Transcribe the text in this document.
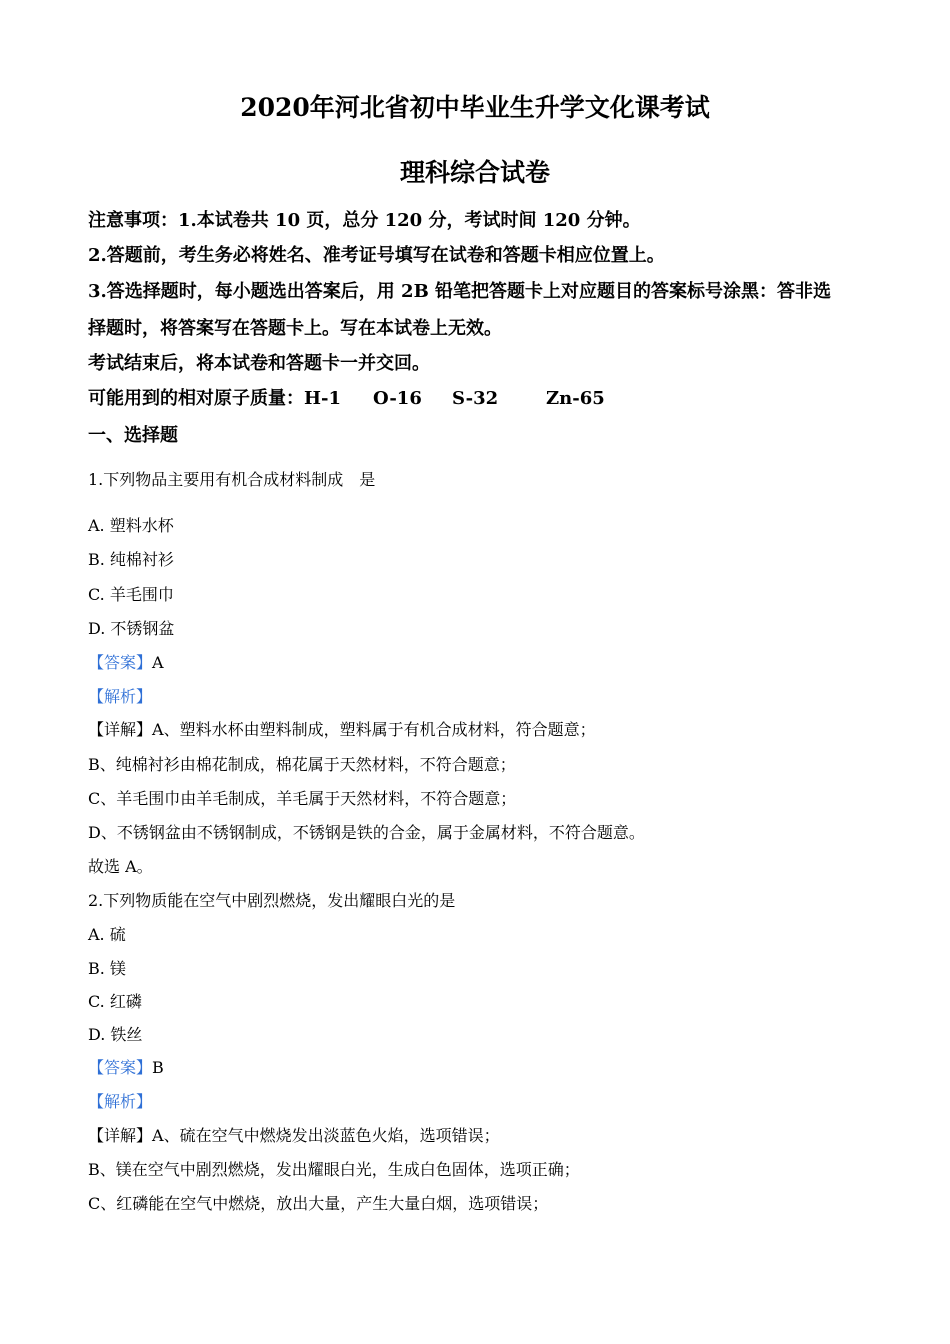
2020年河北省初中毕业生升学文化课考试
理科综合试卷
注意事项：1.本试卷共 10 页，总分 120 分，考试时间 120 分钟。
2.答题前，考生务必将姓名、准考证号填写在试卷和答题卡相应位置上。
3.答选择题时，每小题选出答案后，用 2B 铅笔把答题卡上对应题目的答案标号涂黑：答非选
择题时，将答案写在答题卡上。写在本试卷上无效。
考试结束后，将本试卷和答题卡一并交回。
可能用到的相对原子质量：H-1 O-16 S-32	Zn-65
一、选择题
1.下列物品主要用有机合成材料制成　是
A. 塑料水杯
B. 纯棉衬衫
C. 羊毛围巾
D. 不锈钢盆
【答案】A
【解析】
【详解】A、塑料水杯由塑料制成，塑料属于有机合成材料，符合题意；
B、纯棉衬衫由棉花制成，棉花属于天然材料，不符合题意；
C、羊毛围巾由羊毛制成，羊毛属于天然材料，不符合题意；
D、不锈钢盆由不锈钢制成，不锈钢是铁的合金，属于金属材料，不符合题意。
故选 A。
2.下列物质能在空气中剧烈燃烧，发出耀眼白光的是
A. 硫
B. 镁
C. 红磷
D. 铁丝
【答案】B
【解析】
【详解】A、硫在空气中燃烧发出淡蓝色火焰，选项错误；
B、镁在空气中剧烈燃烧，发出耀眼白光，生成白色固体，选项正确；
C、红磷能在空气中燃烧，放出大量，产生大量白烟，选项错误；
